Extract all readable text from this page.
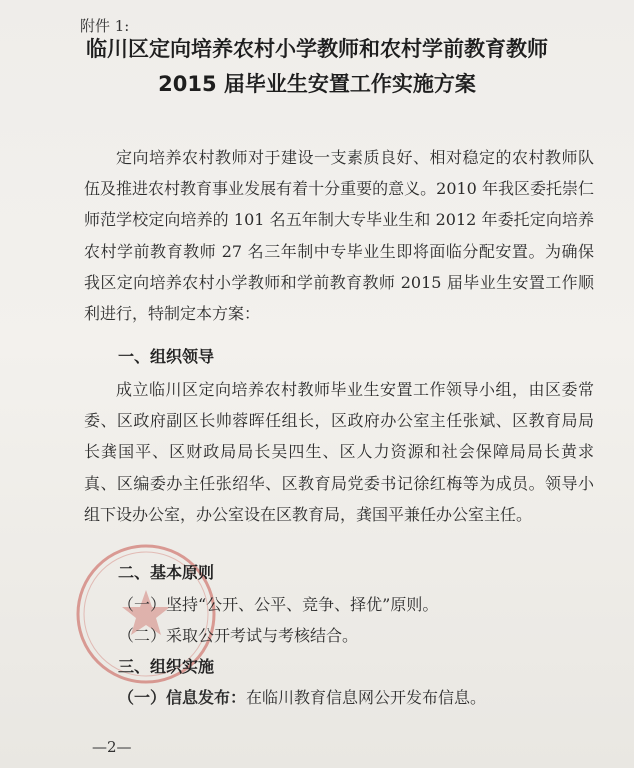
附件 1:
临川区定向培养农村小学教师和农村学前教育教师
2015 届毕业生安置工作实施方案

定向培养农村教师对于建设一支素质良好、相对稳定的农村教师队伍及推进农村教育事业发展有着十分重要的意义。2010 年我区委托崇仁师范学校定向培养的 101 名五年制大专毕业生和 2012 年委托定向培养农村学前教育教师 27 名三年制中专毕业生即将面临分配安置。为确保我区定向培养农村小学教师和学前教育教师 2015 届毕业生安置工作顺利进行，特制定本方案：

一、组织领导

成立临川区定向培养农村教师毕业生安置工作领导小组，由区委常委、区政府副区长帅蓉晖任组长，区政府办公室主任张斌、区教育局局长龚国平、区财政局局长吴四生、区人力资源和社会保障局局长黄求真、区编委办主任张绍华、区教育局党委书记徐红梅等为成员。领导小组下设办公室，办公室设在区教育局，龚国平兼任办公室主任。

二、基本原则
（一）坚持“公开、公平、竞争、择优”原则。
（二）采取公开考试与考核结合。
三、组织实施
（一）信息发布：在临川教育信息网公开发布信息。
—2—
